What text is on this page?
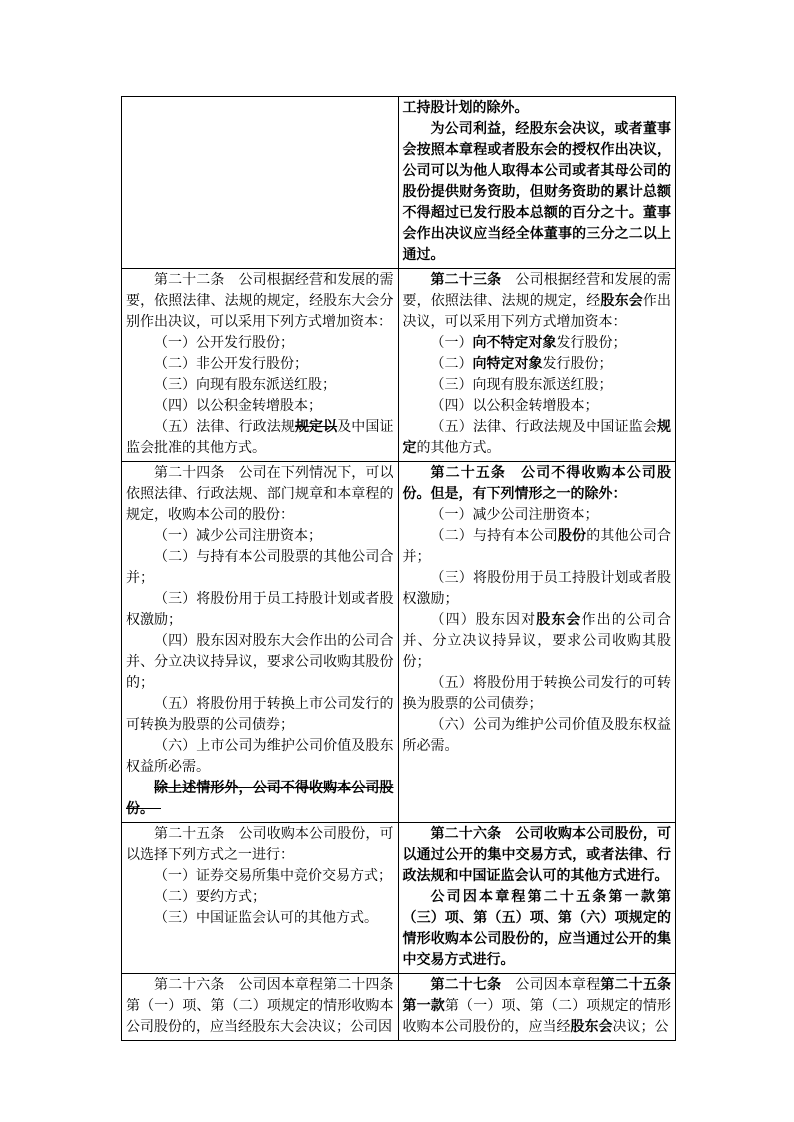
工持股计划的除外。

为公司利益，经股东会决议，或者董事会按照本章程或者股东会的授权作出决议，公司可以为他人取得本公司或者其母公司的股份提供财务资助，但财务资助的累计总额不得超过已发行股本总额的百分之十。董事会作出决议应当经全体董事的三分之二以上通过。

第二十二条　公司根据经营和发展的需要，依照法律、法规的规定，经股东大会分别作出决议，可以采用下列方式增加资本：

（一）公开发行股份；

（二）非公开发行股份；

（三）向现有股东派送红股；

（四）以公积金转增股本；

（五）法律、行政法规规定以及中国证监会批准的其他方式。

第二十三条　公司根据经营和发展的需要，依照法律、法规的规定，经股东会作出决议，可以采用下列方式增加资本：

（一）向不特定对象发行股份；

（二）向特定对象发行股份；

（三）向现有股东派送红股；

（四）以公积金转增股本；

（五）法律、行政法规及中国证监会规定的其他方式。

第二十四条　公司在下列情况下，可以依照法律、行政法规、部门规章和本章程的规定，收购本公司的股份：

（一）减少公司注册资本；

（二）与持有本公司股票的其他公司合并；

（三）将股份用于员工持股计划或者股权激励；

（四）股东因对股东大会作出的公司合并、分立决议持异议，要求公司收购其股份的；

（五）将股份用于转换上市公司发行的可转换为股票的公司债券；

（六）上市公司为维护公司价值及股东权益所必需。

除上述情形外，公司不得收购本公司股份。　

第二十五条　公司不得收购本公司股份。但是，有下列情形之一的除外：

（一）减少公司注册资本；

（二）与持有本公司股份的其他公司合并；

（三）将股份用于员工持股计划或者股权激励；

（四）股东因对股东会作出的公司合并、分立决议持异议，要求公司收购其股份；

（五）将股份用于转换公司发行的可转换为股票的公司债券；

（六）公司为维护公司价值及股东权益所必需。

第二十五条　公司收购本公司股份，可以选择下列方式之一进行：

（一）证券交易所集中竞价交易方式；

（二）要约方式；

（三）中国证监会认可的其他方式。

第二十六条　公司收购本公司股份，可以通过公开的集中交易方式，或者法律、行政法规和中国证监会认可的其他方式进行。

公司因本章程第二十五条第一款第（三）项、第（五）项、第（六）项规定的情形收购本公司股份的，应当通过公开的集中交易方式进行。

第二十六条　公司因本章程第二十四条第（一）项、第（二）项规定的情形收购本公司股份的，应当经股东大会决议；公司因

第二十七条　公司因本章程第二十五条第一款第（一）项、第（二）项规定的情形收购本公司股份的，应当经股东会决议；公
